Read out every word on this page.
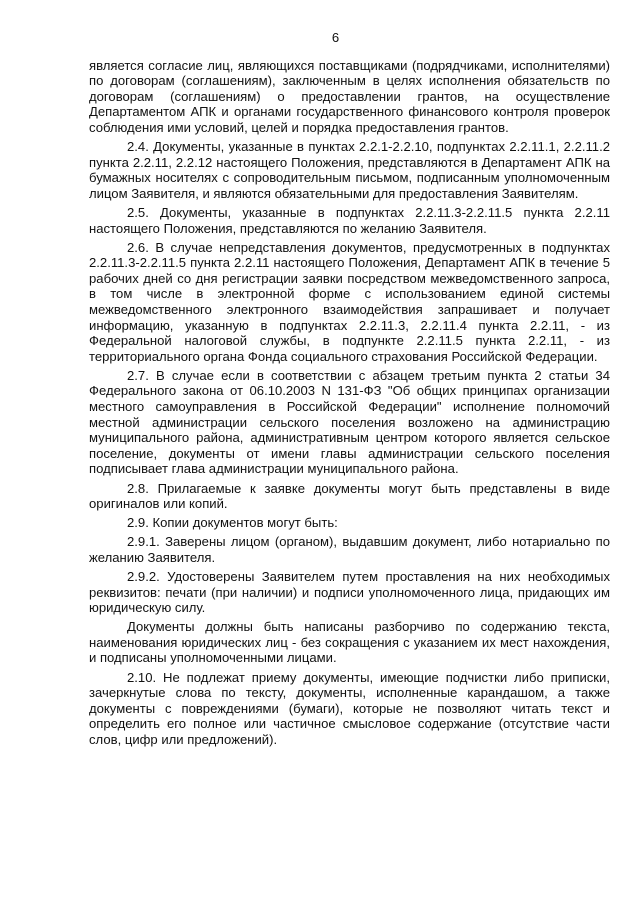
6

является согласие лиц, являющихся поставщиками (подрядчиками, исполнителями) по договорам (соглашениям), заключенным в целях исполнения обязательств по договорам (соглашениям) о предоставлении грантов, на осуществление Департаментом АПК и органами государственного финансового контроля проверок соблюдения ими условий, целей и порядка предоставления грантов.

2.4. Документы, указанные в пунктах 2.2.1-2.2.10, подпунктах 2.2.11.1, 2.2.11.2 пункта 2.2.11, 2.2.12 настоящего Положения, представляются в Департамент АПК на бумажных носителях с сопроводительным письмом, подписанным уполномоченным лицом Заявителя, и являются обязательными для предоставления Заявителям.

2.5. Документы, указанные в подпунктах 2.2.11.3-2.2.11.5 пункта 2.2.11 настоящего Положения, представляются по желанию Заявителя.

2.6. В случае непредставления документов, предусмотренных в подпунктах 2.2.11.3-2.2.11.5 пункта 2.2.11 настоящего Положения, Департамент АПК в течение 5 рабочих дней со дня регистрации заявки посредством межведомственного запроса, в том числе в электронной форме с использованием единой системы межведомственного электронного взаимодействия запрашивает и получает информацию, указанную в подпунктах 2.2.11.3, 2.2.11.4 пункта 2.2.11, - из Федеральной налоговой службы, в подпункте 2.2.11.5 пункта 2.2.11, - из территориального органа Фонда социального страхования Российской Федерации.

2.7. В случае если в соответствии с абзацем третьим пункта 2 статьи 34 Федерального закона от 06.10.2003 N 131-ФЗ "Об общих принципах организации местного самоуправления в Российской Федерации" исполнение полномочий местной администрации сельского поселения возложено на администрацию муниципального района, административным центром которого является сельское поселение, документы от имени главы администрации сельского поселения подписывает глава администрации муниципального района.

2.8. Прилагаемые к заявке документы могут быть представлены в виде оригиналов или копий.

2.9. Копии документов могут быть:

2.9.1. Заверены лицом (органом), выдавшим документ, либо нотариально по желанию Заявителя.

2.9.2. Удостоверены Заявителем путем проставления на них необходимых реквизитов: печати (при наличии) и подписи уполномоченного лица, придающих им юридическую силу.

Документы должны быть написаны разборчиво по содержанию текста, наименования юридических лиц - без сокращения с указанием их мест нахождения, и подписаны уполномоченными лицами.

2.10. Не подлежат приему документы, имеющие подчистки либо приписки, зачеркнутые слова по тексту, документы, исполненные карандашом, а также документы с повреждениями (бумаги), которые не позволяют читать текст и определить его полное или частичное смысловое содержание (отсутствие части слов, цифр или предложений).
